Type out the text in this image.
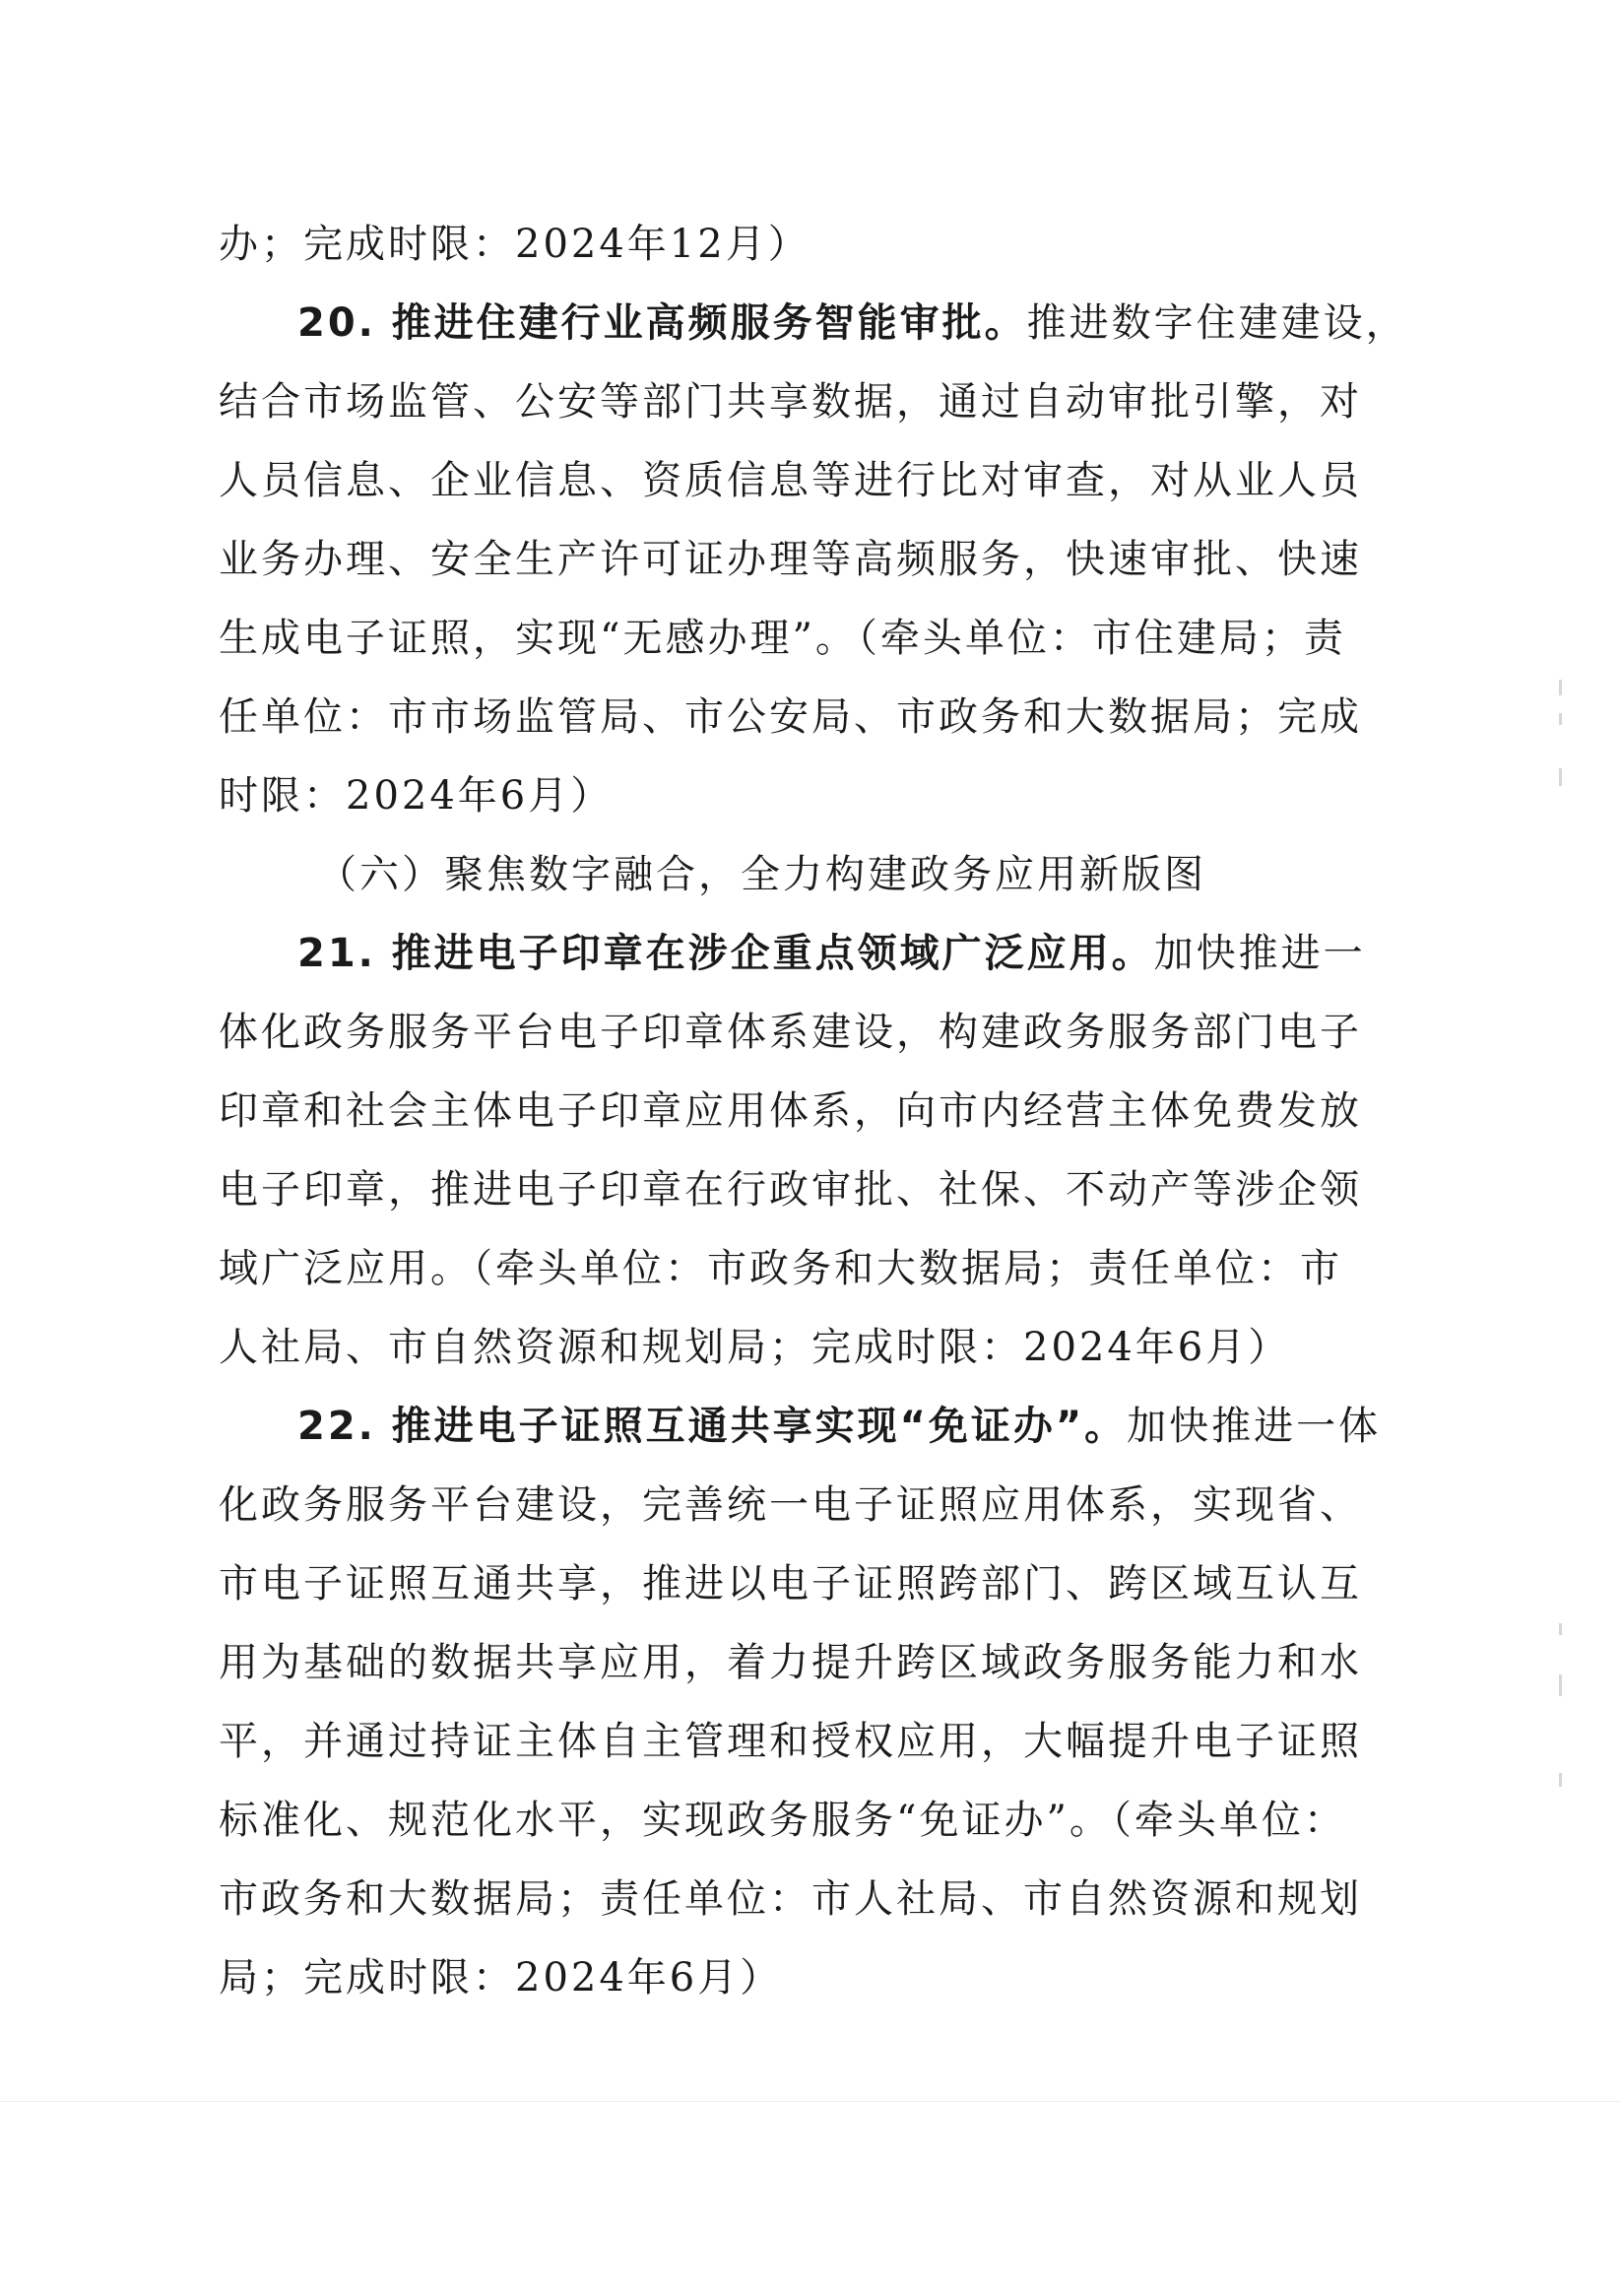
办；完成时限：2024年12月）
20. 推进住建行业高频服务智能审批。推进数字住建建设，
结合市场监管、公安等部门共享数据，通过自动审批引擎，对
人员信息、企业信息、资质信息等进行比对审查，对从业人员
业务办理、安全生产许可证办理等高频服务，快速审批、快速
生成电子证照，实现“无感办理”。（牵头单位：市住建局；责
任单位：市市场监管局、市公安局、市政务和大数据局；完成
时限：2024年6月）
（六）聚焦数字融合，全力构建政务应用新版图
21. 推进电子印章在涉企重点领域广泛应用。加快推进一
体化政务服务平台电子印章体系建设，构建政务服务部门电子
印章和社会主体电子印章应用体系，向市内经营主体免费发放
电子印章，推进电子印章在行政审批、社保、不动产等涉企领
域广泛应用。（牵头单位：市政务和大数据局；责任单位：市
人社局、市自然资源和规划局；完成时限：2024年6月）
22. 推进电子证照互通共享实现“免证办”。加快推进一体
化政务服务平台建设，完善统一电子证照应用体系，实现省、
市电子证照互通共享，推进以电子证照跨部门、跨区域互认互
用为基础的数据共享应用，着力提升跨区域政务服务能力和水
平，并通过持证主体自主管理和授权应用，大幅提升电子证照
标准化、规范化水平，实现政务服务“免证办”。（牵头单位：
市政务和大数据局；责任单位：市人社局、市自然资源和规划
局；完成时限：2024年6月）
